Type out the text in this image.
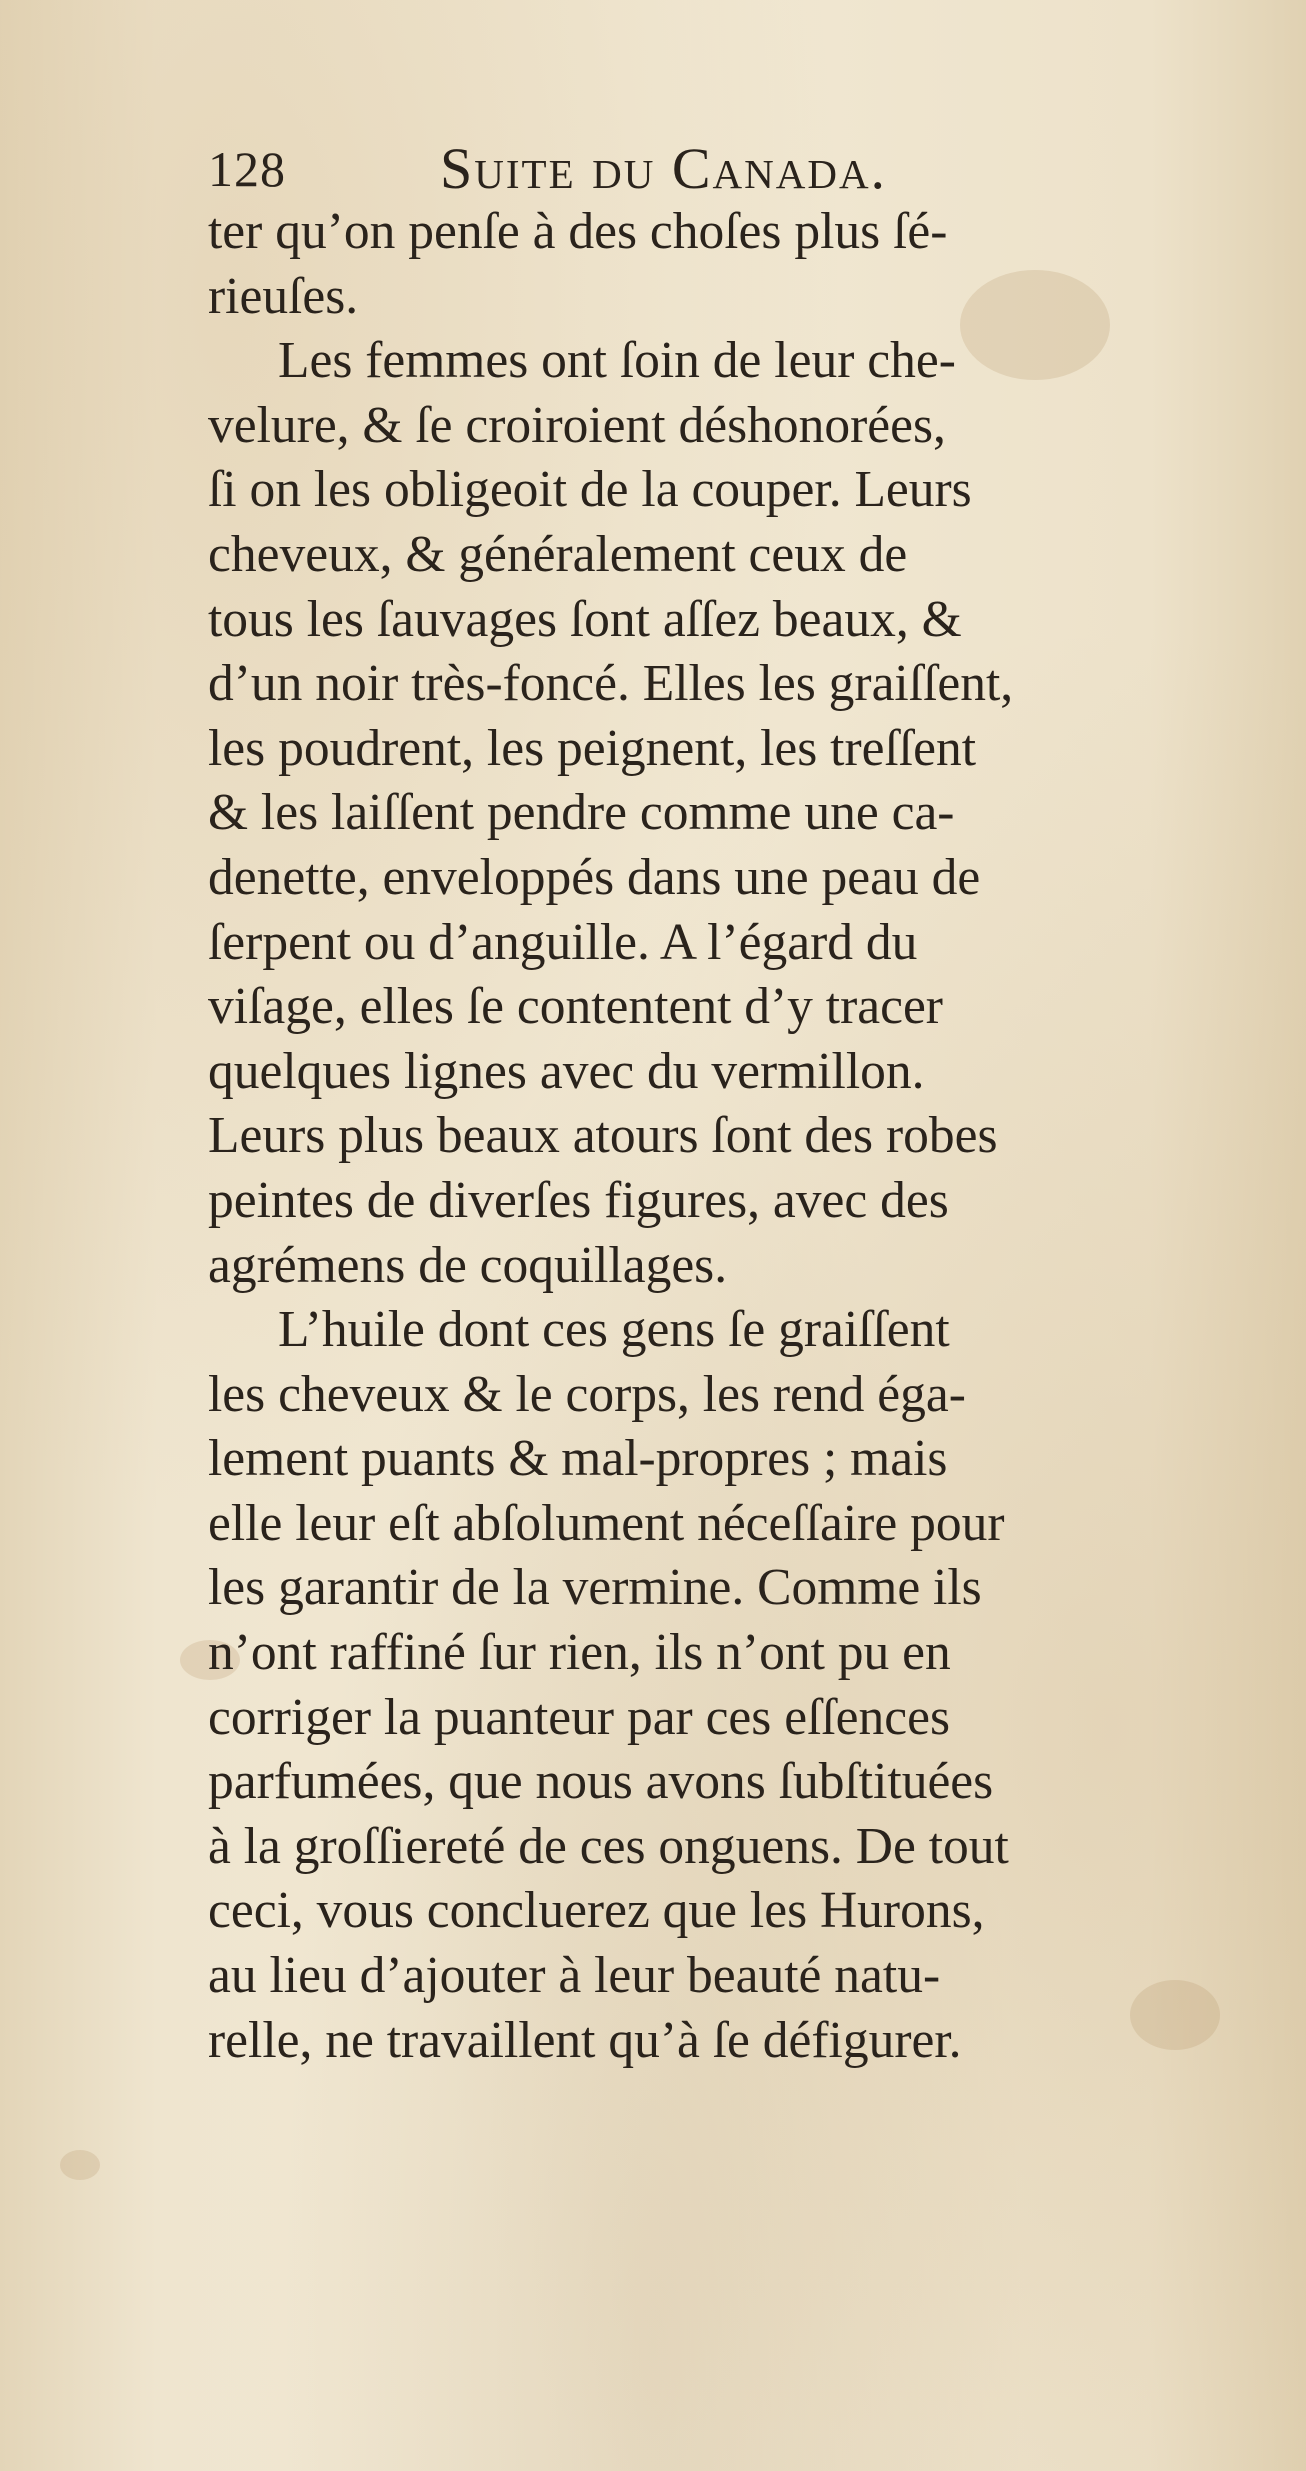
128	Suite du Canada.
ter qu’on penſe à des choſes plus ſé-
rieuſes.
Les femmes ont ſoin de leur che-
velure, & ſe croiroient déshonorées,
ſi on les obligeoit de la couper. Leurs
cheveux, & généralement ceux de
tous les ſauvages ſont aſſez beaux, &
d’un noir très-foncé. Elles les graiſſent,
les poudrent, les peignent, les treſſent
& les laiſſent pendre comme une ca-
denette, enveloppés dans une peau de
ſerpent ou d’anguille. A l’égard du
viſage, elles ſe contentent d’y tracer
quelques lignes avec du vermillon.
Leurs plus beaux atours ſont des robes
peintes de diverſes figures, avec des
agrémens de coquillages.
L’huile dont ces gens ſe graiſſent
les cheveux & le corps, les rend éga-
lement puants & mal-propres ; mais
elle leur eſt abſolument néceſſaire pour
les garantir de la vermine. Comme ils
n’ont raffiné ſur rien, ils n’ont pu en
corriger la puanteur par ces eſſences
parfumées, que nous avons ſubſtituées
à la groſſiereté de ces onguens. De tout
ceci, vous concluerez que les Hurons,
au lieu d’ajouter à leur beauté natu-
relle, ne travaillent qu’à ſe défigurer.
